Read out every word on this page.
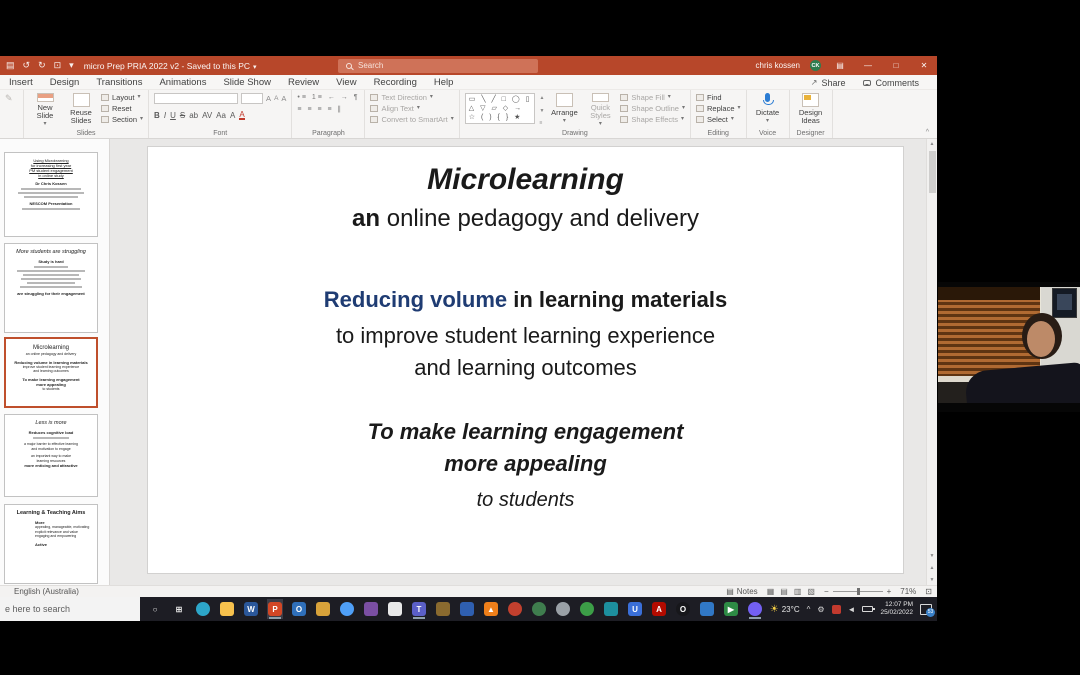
▤ ↺ ↻ ⊡ ▾ micro Prep PRIA 2022 v2 - Saved to this PC ▾	Search	chris kossen CK	▤	—	□	✕
Insert Design Transitions Animations Slide Show Review View Recording Help	↗ Share	Comments
✎
New Slide
▾
Reuse Slides
Layout ▾
Reset
Section ▾
Slides
A A A
B I U S ab AV Aa A A
Font
•≡ 1≡ ← → ¶
≡ ≡ ≡ ≡ ∥
Paragraph
Text Direction ▾
Align Text ▾
Convert to SmartArt ▾
▭ ╲ ╱ □ ◯ ▯
△ ▽ ▱ ◇ →
☆ ( ) { } ★
▲
▼
≡
Arrange
▾
Quick Styles
▾
Shape Fill ▾
Shape Outline ▾
Shape Effects ▾
Drawing
Find
Replace ▾
Select ▾
Editing
Dictate
▾
Voice
Design Ideas
Designer	^
Using Microlearning
for increasing first year
PM student engagement
in online study
Dr Chris Kossen
NESCOM Presentation
More students are struggling
Study is hard
are struggling for their engagement
Microlearning
an online pedagogy and delivery
Reducing volume in learning materials
improve student learning experience
and learning outcomes
To make learning engagement
more appealing
to students
Less is more
Reduces cognitive load
a major barrier to effective learning
and motivation to engage
an important way to make
learning resources
more enticing and attractive
Learning & Teaching Aims
More
appealing, manageable, motivating
explicit relevance and value
engaging and empowering
Active
Microlearning
an online pedagogy and delivery
Reducing volume in learning materials
to improve student learning experience
and learning outcomes
To make learning engagement
more appealing
to students
▲
▼
▲
▼
English (Australia)	▤ Notes ▦ ▤ ▥ ▧ −	+ 71% ⊡
e here to search	○	⊞	W	P	O	T	▲	U	A	O	▶	☀ 23°C ^ ⚙	◄	12:07 PM
25/02/2022	53
